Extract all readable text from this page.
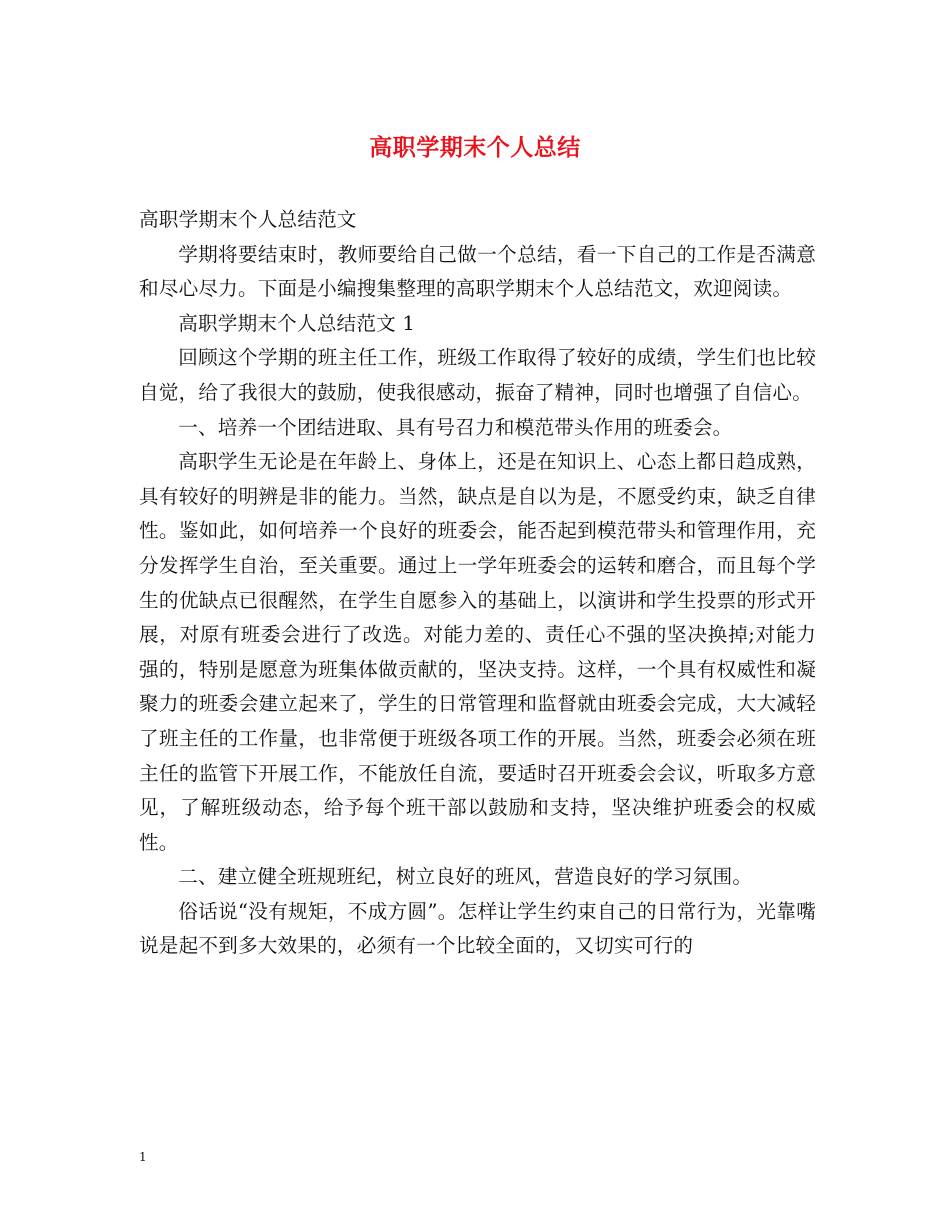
高职学期末个人总结

高职学期末个人总结范文

学期将要结束时，教师要给自己做一个总结，看一下自己的工作是否满意和尽心尽力。下面是小编搜集整理的高职学期末个人总结范文，欢迎阅读。

高职学期末个人总结范文 1

回顾这个学期的班主任工作，班级工作取得了较好的成绩，学生们也比较自觉，给了我很大的鼓励，使我很感动，振奋了精神，同时也增强了自信心。

一、培养一个团结进取、具有号召力和模范带头作用的班委会。

高职学生无论是在年龄上、身体上，还是在知识上、心态上都日趋成熟，具有较好的明辨是非的能力。当然，缺点是自以为是，不愿受约束，缺乏自律性。鉴如此，如何培养一个良好的班委会，能否起到模范带头和管理作用，充分发挥学生自治，至关重要。通过上一学年班委会的运转和磨合，而且每个学生的优缺点已很醒然，在学生自愿参入的基础上，以演讲和学生投票的形式开展，对原有班委会进行了改选。对能力差的、责任心不强的坚决换掉;对能力强的，特别是愿意为班集体做贡献的，坚决支持。这样，一个具有权威性和凝聚力的班委会建立起来了，学生的日常管理和监督就由班委会完成，大大减轻了班主任的工作量，也非常便于班级各项工作的开展。当然，班委会必须在班主任的监管下开展工作，不能放任自流，要适时召开班委会会议，听取多方意见，了解班级动态，给予每个班干部以鼓励和支持，坚决维护班委会的权威性。

二、建立健全班规班纪，树立良好的班风，营造良好的学习氛围。

俗话说“没有规矩，不成方圆”。怎样让学生约束自己的日常行为，光靠嘴说是起不到多大效果的，必须有一个比较全面的，又切实可行的

1
